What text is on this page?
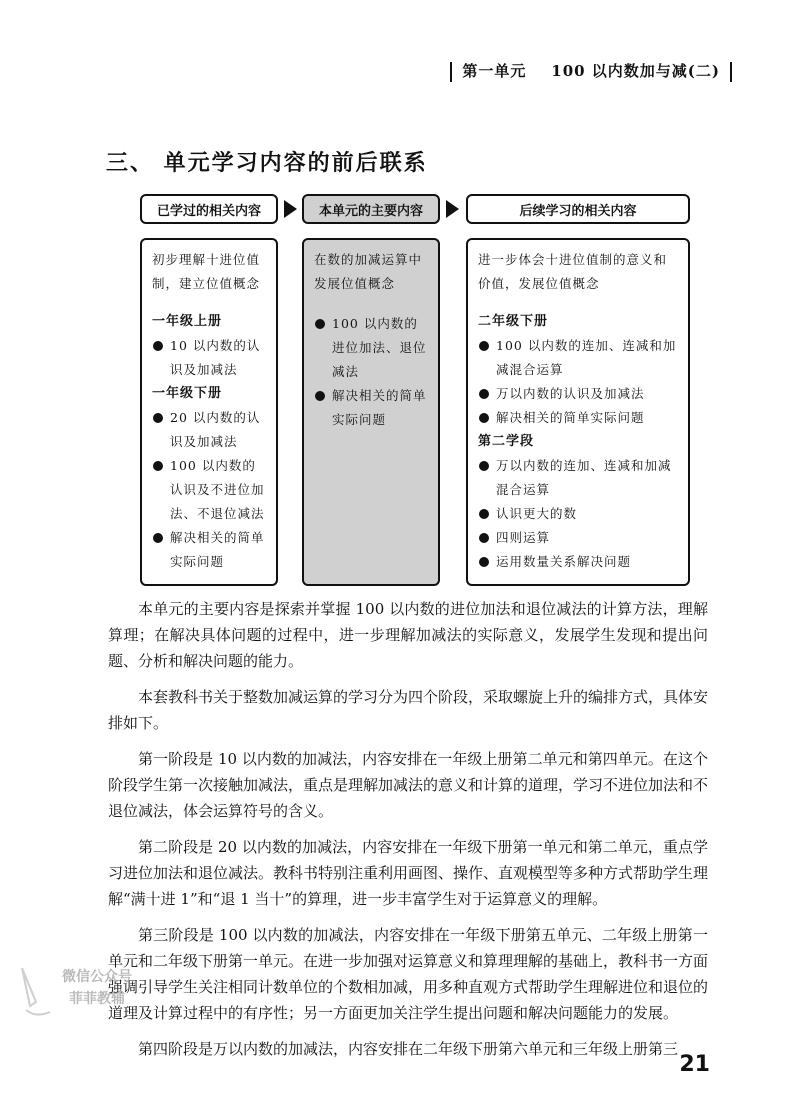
第一单元 100 以内数加与减(二)
三、 单元学习内容的前后联系
已学过的相关内容	本单元的主要内容	后续学习的相关内容

初步理解十进位值制，建立位值概念

一年级上册
10 以内数的认识及加减法
一年级下册
20 以内数的认识及加减法
100 以内数的认识及不进位加法、不退位减法
解决相关的简单实际问题

在数的加减运算中发展位值概念

100 以内数的进位加法、退位减法
解决相关的简单实际问题

进一步体会十进位值制的意义和价值，发展位值概念

二年级下册
100 以内数的连加、连减和加减混合运算
万以内数的认识及加减法
解决相关的简单实际问题
第二学段
万以内数的连加、连减和加减混合运算
认识更大的数
四则运算
运用数量关系解决问题

本单元的主要内容是探索并掌握 100 以内数的进位加法和退位减法的计算方法，理解算理；在解决具体问题的过程中，进一步理解加减法的实际意义，发展学生发现和提出问题、分析和解决问题的能力。

本套教科书关于整数加减运算的学习分为四个阶段，采取螺旋上升的编排方式，具体安排如下。

第一阶段是 10 以内数的加减法，内容安排在一年级上册第二单元和第四单元。在这个阶段学生第一次接触加减法，重点是理解加减法的意义和计算的道理，学习不进位加法和不退位减法，体会运算符号的含义。

第二阶段是 20 以内数的加减法，内容安排在一年级下册第一单元和第二单元，重点学习进位加法和退位减法。教科书特别注重利用画图、操作、直观模型等多种方式帮助学生理解“满十进 1”和“退 1 当十”的算理，进一步丰富学生对于运算意义的理解。

第三阶段是 100 以内数的加减法，内容安排在一年级下册第五单元、二年级上册第一单元和二年级下册第一单元。在进一步加强对运算意义和算理理解的基础上，教科书一方面强调引导学生关注相同计数单位的个数相加减，用多种直观方式帮助学生理解进位和退位的道理及计算过程中的有序性；另一方面更加关注学生提出问题和解决问题能力的发展。

第四阶段是万以内数的加减法，内容安排在二年级下册第六单元和三年级上册第三

微信公众号
菲菲教辅
21
